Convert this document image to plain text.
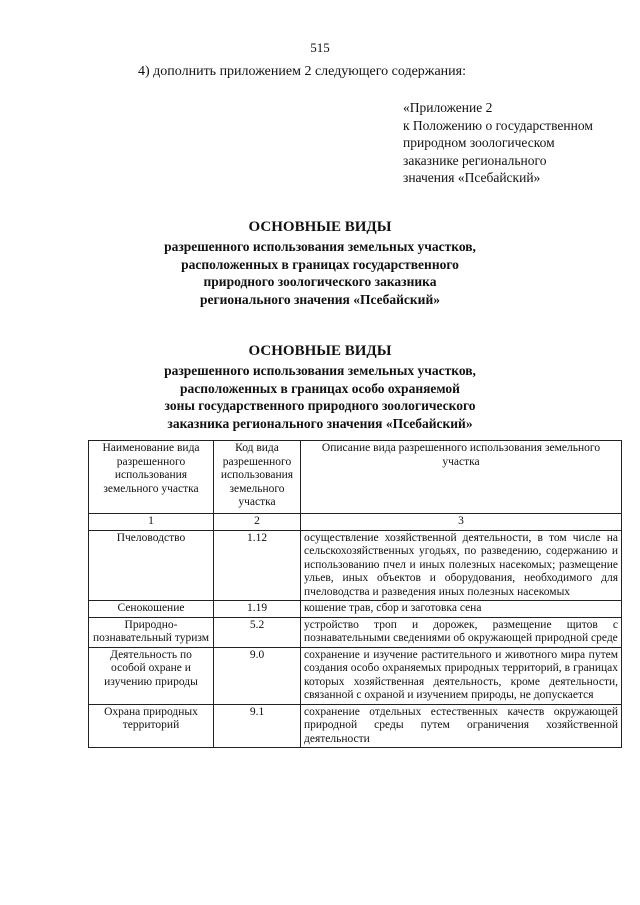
515
4) дополнить приложением 2 следующего содержания:
«Приложение 2
к Положению о государственном
природном зоологическом
заказнике регионального
значения «Псебайский»
ОСНОВНЫЕ ВИДЫ
разрешенного использования земельных участков,
расположенных в границах государственного
природного зоологического заказника
регионального значения «Псебайский»
ОСНОВНЫЕ ВИДЫ
разрешенного использования земельных участков,
расположенных в границах особо охраняемой
зоны государственного природного зоологического
заказника регионального значения «Псебайский»
Наименование вида разрешенного использования земельного участка	Код вида разрешенного использования земельного участка	Описание вида разрешенного использования земельного участка
1	2	3
Пчеловодство	1.12	осуществление хозяйственной деятельности, в том числе на сельскохозяйственных угодьях, по разведению, содержанию и использованию пчел и иных полезных насекомых; размещение ульев, иных объектов и оборудования, необходимого для пчеловодства и разведения иных полезных насекомых
Сенокошение	1.19	кошение трав, сбор и заготовка сена
Природно-познавательный туризм	5.2	устройство троп и дорожек, размещение щитов с познавательными сведениями об окружающей природной среде
Деятельность по особой охране и изучению природы	9.0	сохранение и изучение растительного и животного мира путем создания особо охраняемых природных территорий, в границах которых хозяйственная деятельность, кроме деятельности, связанной с охраной и изучением природы, не допускается
Охрана природных территорий	9.1	сохранение отдельных естественных качеств окружающей природной среды путем ограничения хозяйственной деятельности
